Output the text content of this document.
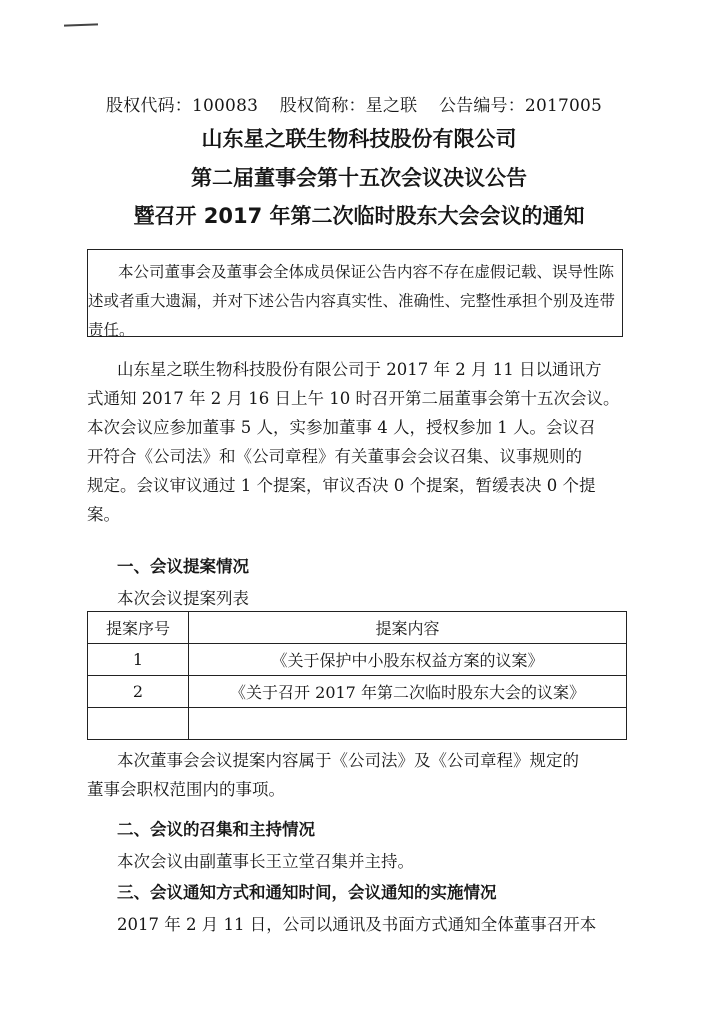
股权代码：100083 股权简称：星之联 公告编号：2017005
山东星之联生物科技股份有限公司
第二届董事会第十五次会议决议公告
暨召开 2017 年第二次临时股东大会会议的通知
本公司董事会及董事会全体成员保证公告内容不存在虚假记载、误导性陈
述或者重大遗漏，并对下述公告内容真实性、准确性、完整性承担个别及连带
责任。
山东星之联生物科技股份有限公司于 2017 年 2 月 11 日以通讯方
式通知 2017 年 2 月 16 日上午 10 时召开第二届董事会第十五次会议。
本次会议应参加董事 5 人，实参加董事 4 人，授权参加 1 人。会议召
开符合《公司法》和《公司章程》有关董事会会议召集、议事规则的
规定。会议审议通过 1 个提案，审议否决 0 个提案，暂缓表决 0 个提
案。
一、会议提案情况
本次会议提案列表
提案序号	提案内容
1	《关于保护中小股东权益方案的议案》
2	《关于召开 2017 年第二次临时股东大会的议案》

本次董事会会议提案内容属于《公司法》及《公司章程》规定的
董事会职权范围内的事项。
二、会议的召集和主持情况
本次会议由副董事长王立堂召集并主持。
三、会议通知方式和通知时间，会议通知的实施情况
2017 年 2 月 11 日，公司以通讯及书面方式通知全体董事召开本
